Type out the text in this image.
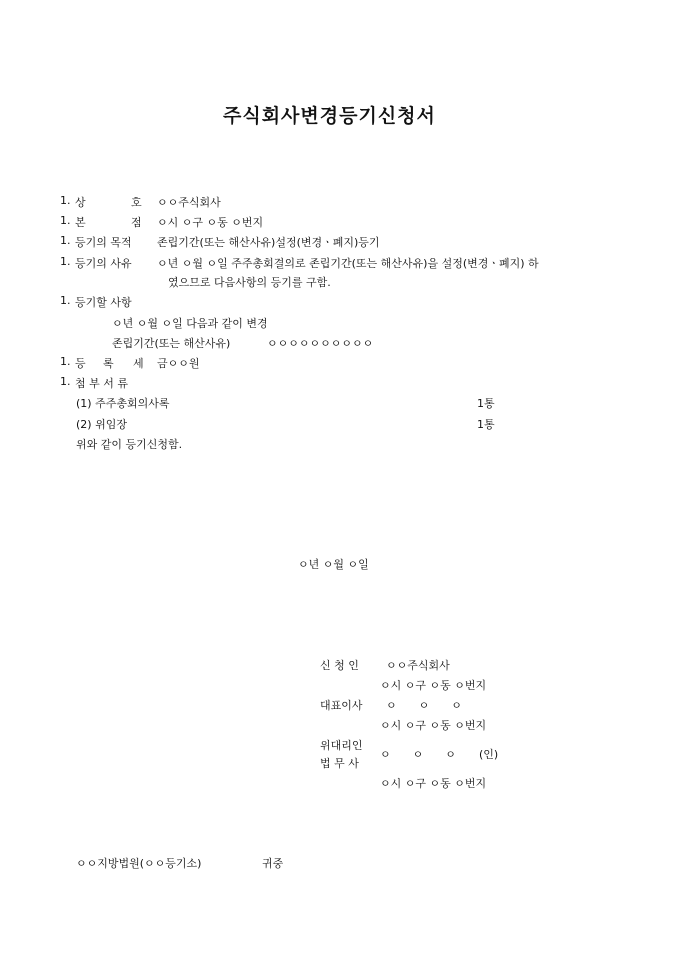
주식회사변경등기신청서
1. 상	호 ㅇㅇ주식회사
1. 본	점 ㅇ시 ㅇ구 ㅇ동 ㅇ번지
1. 등기의 목적 존립기간(또는 해산사유)설정(변경ㆍ폐지)등기
1. 등기의 사유 ㅇ년 ㅇ월 ㅇ일 주주총회결의로 존립기간(또는 해산사유)을 설정(변경ㆍ폐지) 하
였으므로 다음사항의 등기를 구함.
1. 등기할 사항
ㅇ년 ㅇ월 ㅇ일 다음과 같이 변경
존립기간(또는 해산사유)	ㅇㅇㅇㅇㅇㅇㅇㅇㅇㅇ
1. 등 록 세 금ㅇㅇ원
1. 첨 부 서 류
(1) 주주총회의사록	1통
(2) 위임장	1통
위와 같이 등기신청함.
ㅇ년 ㅇ월 ㅇ일
신 청 인 ㅇㅇ주식회사
ㅇ시 ㅇ구 ㅇ동 ㅇ번지
대표이사 ㅇ　　ㅇ　　ㅇ
ㅇ시 ㅇ구 ㅇ동 ㅇ번지
위대리인
법 무 사
ㅇ　　ㅇ　　ㅇ (인)
ㅇ시 ㅇ구 ㅇ동 ㅇ번지
ㅇㅇ지방법원(ㅇㅇ등기소)	귀중
